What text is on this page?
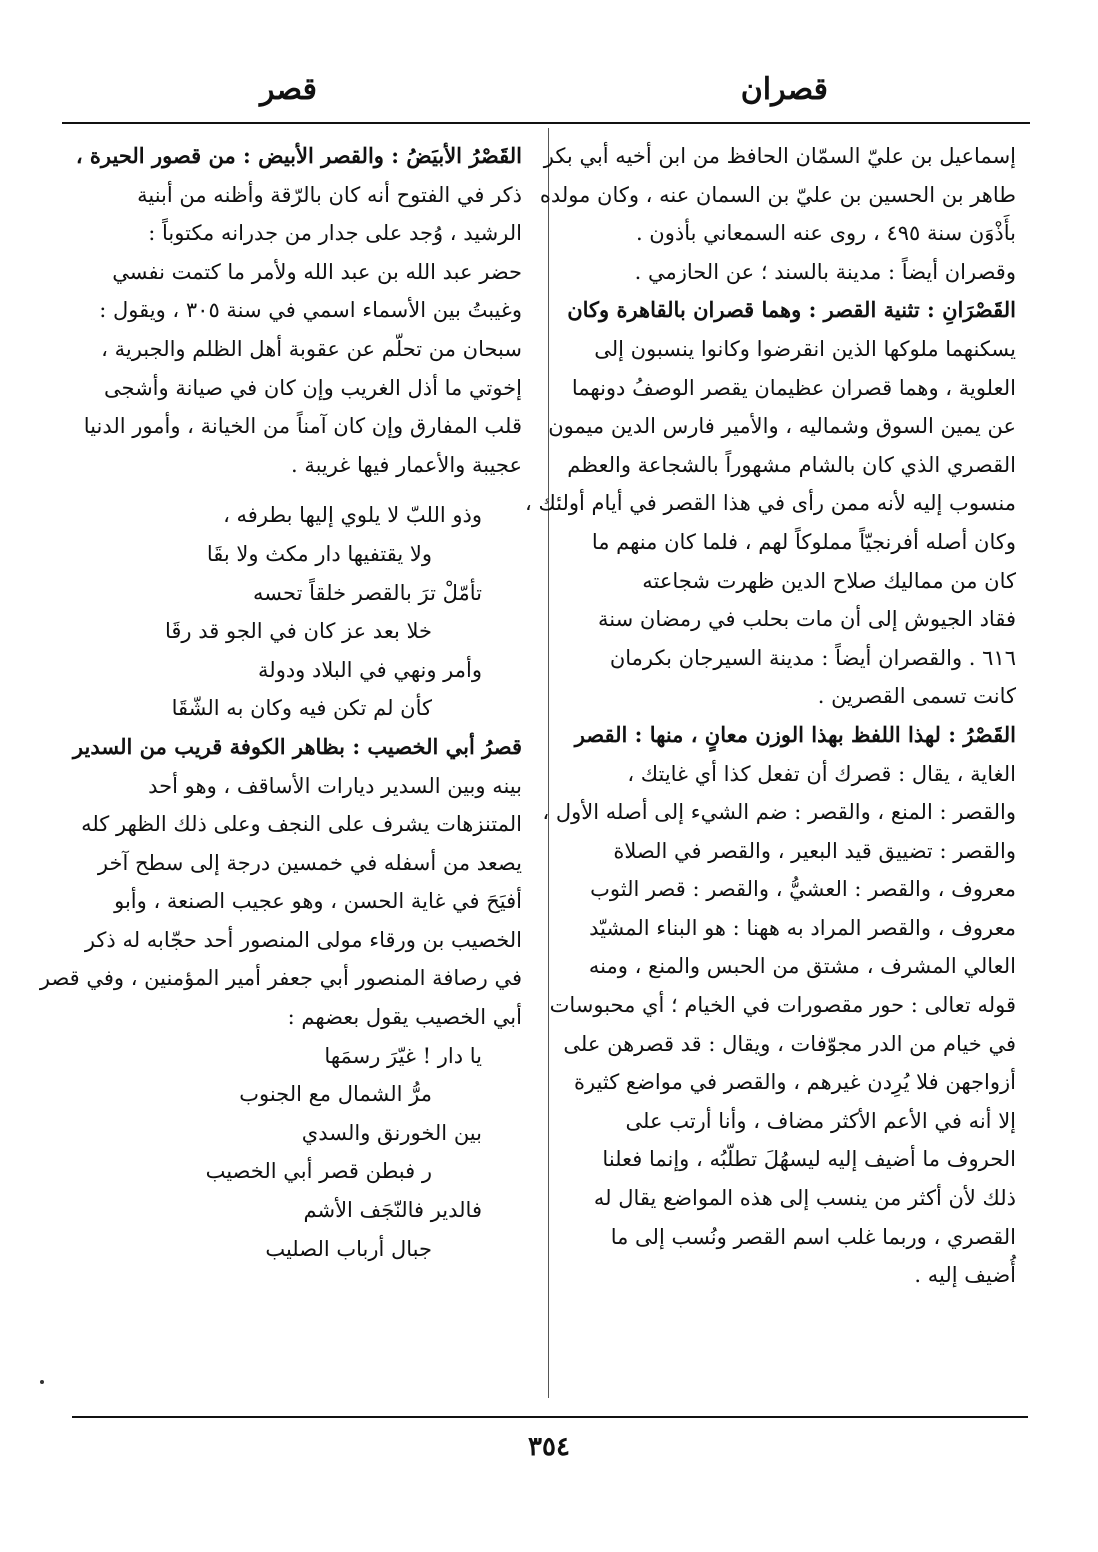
قصران
قصر
إسماعيل بن عليّ السمّان الحافظ من ابن أخيه أبي بكر
طاهر بن الحسين بن عليّ بن السمان عنه ، وكان مولده
بأَذْوَن سنة ٤٩٥ ، روى عنه السمعاني بأذون .
وقصران أيضاً : مدينة بالسند ؛ عن الحازمي .
القَصْرَانِ : تثنية القصر : وهما قصران بالقاهرة وكان
يسكنهما ملوكها الذين انقرضوا وكانوا ينسبون إلى
العلوية ، وهما قصران عظيمان يقصر الوصفُ دونهما
عن يمين السوق وشماليه ، والأمير فارس الدين ميمون
القصري الذي كان بالشام مشهوراً بالشجاعة والعظم
منسوب إليه لأنه ممن رأى في هذا القصر في أيام أولئك ،
وكان أصله أفرنجيّاً مملوكاً لهم ، فلما كان منهم ما
كان من مماليك صلاح الدين ظهرت شجاعته
فقاد الجيوش إلى أن مات بحلب في رمضان سنة
٦١٦ . والقصران أيضاً : مدينة السيرجان بكرمان
كانت تسمى القصرين .
القَصْرُ : لهذا اللفظ بهذا الوزن معانٍ ، منها : القصر
الغاية ، يقال : قصرك أن تفعل كذا أي غايتك ،
والقصر : المنع ، والقصر : ضم الشيء إلى أصله الأول ،
والقصر : تضييق قيد البعير ، والقصر في الصلاة
معروف ، والقصر : العشيُّ ، والقصر : قصر الثوب
معروف ، والقصر المراد به ههنا : هو البناء المشيّد
العالي المشرف ، مشتق من الحبس والمنع ، ومنه
قوله تعالى : حور مقصورات في الخيام ؛ أي محبوسات
في خيام من الدر مجوّفات ، ويقال : قد قصرهن على
أزواجهن فلا يُرِدن غيرهم ، والقصر في مواضع كثيرة
إلا أنه في الأعم الأكثر مضاف ، وأنا أرتب على
الحروف ما أضيف إليه ليسهُلَ تطلّبُه ، وإنما فعلنا
ذلك لأن أكثر من ينسب إلى هذه المواضع يقال له
القصري ، وربما غلب اسم القصر ونُسب إلى ما
أُضيف إليه .
القَصْرُ الأبيَضُ : والقصر الأبيض : من قصور الحيرة ،
ذكر في الفتوح أنه كان بالرّقة وأظنه من أبنية
الرشيد ، وُجد على جدار من جدرانه مكتوباً :
حضر عبد الله بن عبد الله ولأمر ما كتمت نفسي
وغيبتُ بين الأسماء اسمي في سنة ٣٠٥ ، ويقول :
سبحان من تحلّم عن عقوبة أهل الظلم والجبرية ،
إخوتي ما أذل الغريب وإن كان في صيانة وأشجى
قلب المفارق وإن كان آمناً من الخيانة ، وأمور الدنيا
عجيبة والأعمار فيها غريبة .
وذو اللبّ لا يلوي إليها بطرفه ،
ولا يقتفيها دار مكث ولا بقَا
تأمّلْ ترَ بالقصر خلقاً تحسه
خلا بعد عز كان في الجو قد رقَا
وأمر ونهي في البلاد ودولة
كأن لم تكن فيه وكان به الشّقَا
قصرُ أبي الخصيب : بظاهر الكوفة قريب من السدير
بينه وبين السدير ديارات الأساقف ، وهو أحد
المتنزهات يشرف على النجف وعلى ذلك الظهر كله
يصعد من أسفله في خمسين درجة إلى سطح آخر
أفيَحَ في غاية الحسن ، وهو عجيب الصنعة ، وأبو
الخصيب بن ورقاء مولى المنصور أحد حجّابه له ذكر
في رصافة المنصور أبي جعفر أمير المؤمنين ، وفي قصر
أبي الخصيب يقول بعضهم :
يا دار ! غيّرَ رسمَها
مرُّ الشمال مع الجنوب
بين الخورنق والسدي
ر فبطن قصر أبي الخصيب
فالدير فالنّجَف الأشم
جبال أرباب الصليب
٣٥٤
